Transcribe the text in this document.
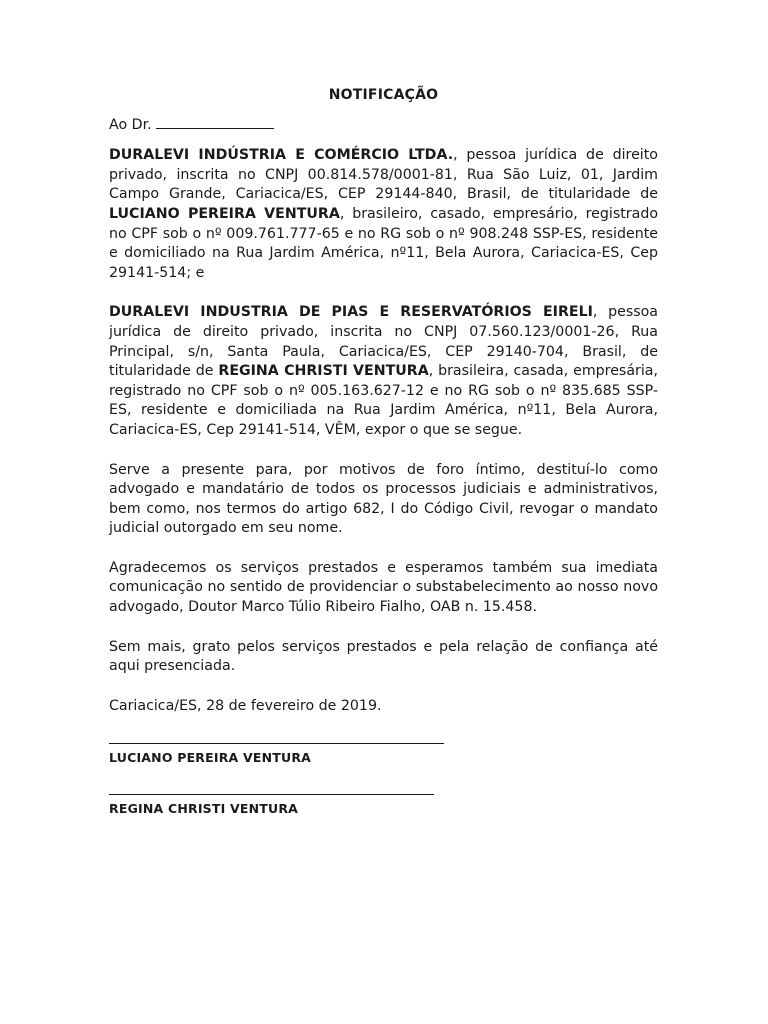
NOTIFICAÇÃO
Ao Dr.
DURALEVI INDÚSTRIA E COMÉRCIO LTDA., pessoa jurídica de direito privado, inscrita no CNPJ 00.814.578/0001-81, Rua São Luiz, 01, Jardim Campo Grande, Cariacica/ES, CEP 29144-840, Brasil, de titularidade de LUCIANO PEREIRA VENTURA, brasileiro, casado, empresário, registrado no CPF sob o nº 009.761.777-65 e no RG sob o nº 908.248 SSP-ES, residente e domiciliado na Rua Jardim América, nº11, Bela Aurora, Cariacica-ES, Cep 29141-514; e
DURALEVI INDUSTRIA DE PIAS E RESERVATÓRIOS EIRELI, pessoa jurídica de direito privado, inscrita no CNPJ 07.560.123/0001-26, Rua Principal, s/n, Santa Paula, Cariacica/ES, CEP 29140-704, Brasil, de titularidade de REGINA CHRISTI VENTURA, brasileira, casada, empresária, registrado no CPF sob o nº 005.163.627-12 e no RG sob o nº 835.685 SSP-ES, residente e domiciliada na Rua Jardim América, nº11, Bela Aurora, Cariacica-ES, Cep 29141-514, VÊM, expor o que se segue.
Serve a presente para, por motivos de foro íntimo, destituí-lo como advogado e mandatário de todos os processos judiciais e administrativos, bem como, nos termos do artigo 682, I do Código Civil, revogar o mandato judicial outorgado em seu nome.
Agradecemos os serviços prestados e esperamos também sua imediata comunicação no sentido de providenciar o substabelecimento ao nosso novo advogado, Doutor Marco Túlio Ribeiro Fialho, OAB n. 15.458.
Sem mais, grato pelos serviços prestados e pela relação de confiança até aqui presenciada.
Cariacica/ES, 28 de fevereiro de 2019.
LUCIANO PEREIRA VENTURA
REGINA CHRISTI VENTURA
